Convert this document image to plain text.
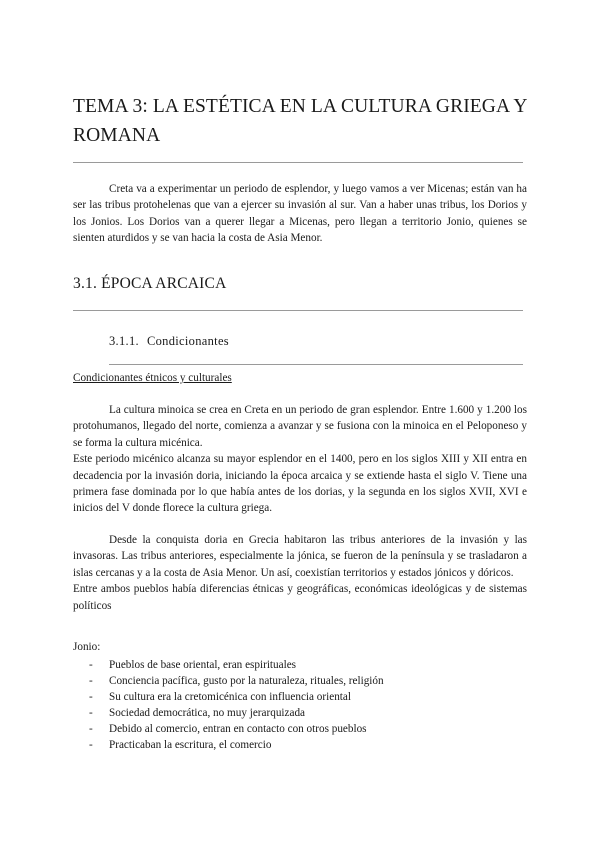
TEMA 3: LA ESTÉTICA EN LA CULTURA GRIEGA Y ROMANA

Creta va a experimentar un periodo de esplendor, y luego vamos a ver Micenas; están van ha ser las tribus protohelenas que van a ejercer su invasión al sur. Van a haber unas tribus, los Dorios y los Jonios. Los Dorios van a querer llegar a Micenas, pero llegan a territorio Jonio, quienes se sienten aturdidos y se van hacia la costa de Asia Menor.

3.1. ÉPOCA ARCAICA
3.1.1. Condicionantes

Condicionantes étnicos y culturales

La cultura minoica se crea en Creta en un periodo de gran esplendor. Entre 1.600 y 1.200 los protohumanos, llegado del norte, comienza a avanzar y se fusiona con la minoica en el Peloponeso y se forma la cultura micénica.

Este periodo micénico alcanza su mayor esplendor en el 1400, pero en los siglos XIII y XII entra en decadencia por la invasión doria, iniciando la época arcaica y se extiende hasta el siglo V. Tiene una primera fase dominada por lo que había antes de los dorias, y la segunda en los siglos XVII, XVI e inicios del V donde florece la cultura griega.

Desde la conquista doria en Grecia habitaron las tribus anteriores de la invasión y las invasoras. Las tribus anteriores, especialmente la jónica, se fueron de la península y se trasladaron a islas cercanas y a la costa de Asia Menor. Un así, coexistían territorios y estados jónicos y dóricos.

Entre ambos pueblos había diferencias étnicas y geográficas, económicas ideológicas y de sistemas políticos

Jonio:

- Pueblos de base oriental, eran espirituales
- Conciencia pacífica, gusto por la naturaleza, rituales, religión
- Su cultura era la cretomicénica con influencia oriental
- Sociedad democrática, no muy jerarquizada
- Debido al comercio, entran en contacto con otros pueblos
- Practicaban la escritura, el comercio
